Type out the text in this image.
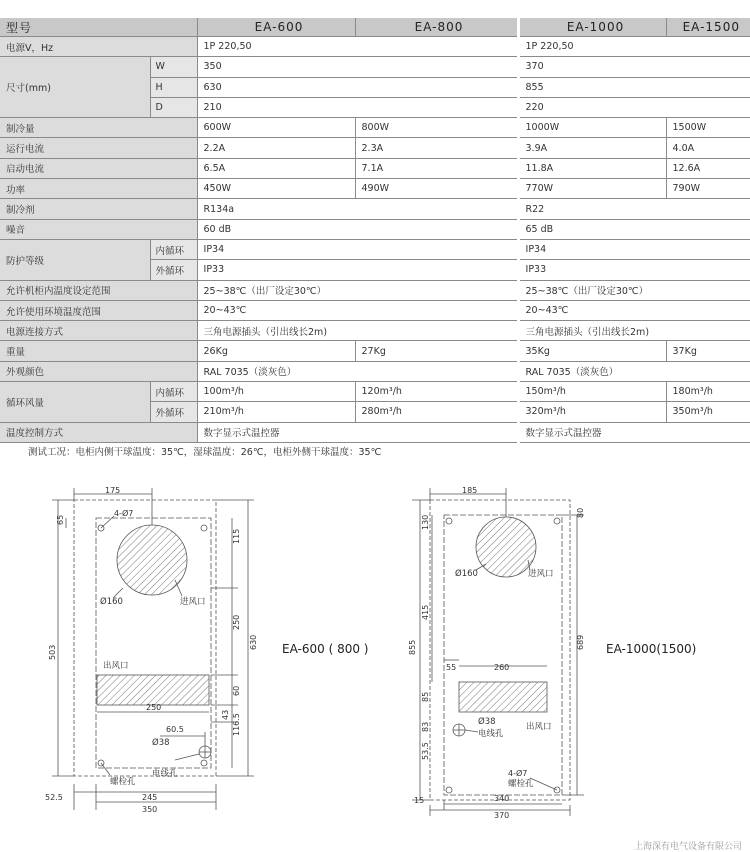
型号		EA-600	EA-800	EA-1000	EA-1500
电源V，Hz		1P 220,50		1P 220,50	
尺寸(mm)	W	350		370	
	H	630		855	
	D	210		220	
制冷量		600W	800W	1000W	1500W
运行电流		2.2A	2.3A	3.9A	4.0A
启动电流		6.5A	7.1A	11.8A	12.6A
功率		450W	490W	770W	790W
制冷剂		R134a		R22	
噪音		60 dB		65 dB	
防护等级	内循环	IP34		IP34	
	外循环	IP33		IP33	
允许机柜内温度设定范围		25~38℃（出厂设定30℃）		25~38℃（出厂设定30℃）	
允许使用环境温度范围		20~43℃		20~43℃	
电源连接方式		三角电源插头（引出线长2m)		三角电源插头（引出线长2m)	
重量		26Kg	27Kg	35Kg	37Kg
外观颜色		RAL 7035（淡灰色）		RAL 7035（淡灰色）	
循环风量	内循环	100m³/h	120m³/h	150m³/h	180m³/h
	外循环	210m³/h	280m³/h	320m³/h	350m³/h
温度控制方式		数字显示式温控器		数字显示式温控器	
测试工况：电柜内侧干球温度：35℃，湿球温度：26℃，电柜外侧干球温度：35℃
175
4-Ø7
65
115
250
630
503
60
116.5
43
250
60.5
52.5	245
350
Ø160	进风口
出风口
Ø38
电线孔
螺栓孔
EA-600 ( 800 )
185
130
80
415
855	689
55	260
85
83
53.5
4-Ø7
15	340
370
Ø160	进风口
出风口
Ø38
电线孔
螺栓孔
EA-1000(1500)
上海深有电气设备有限公司
